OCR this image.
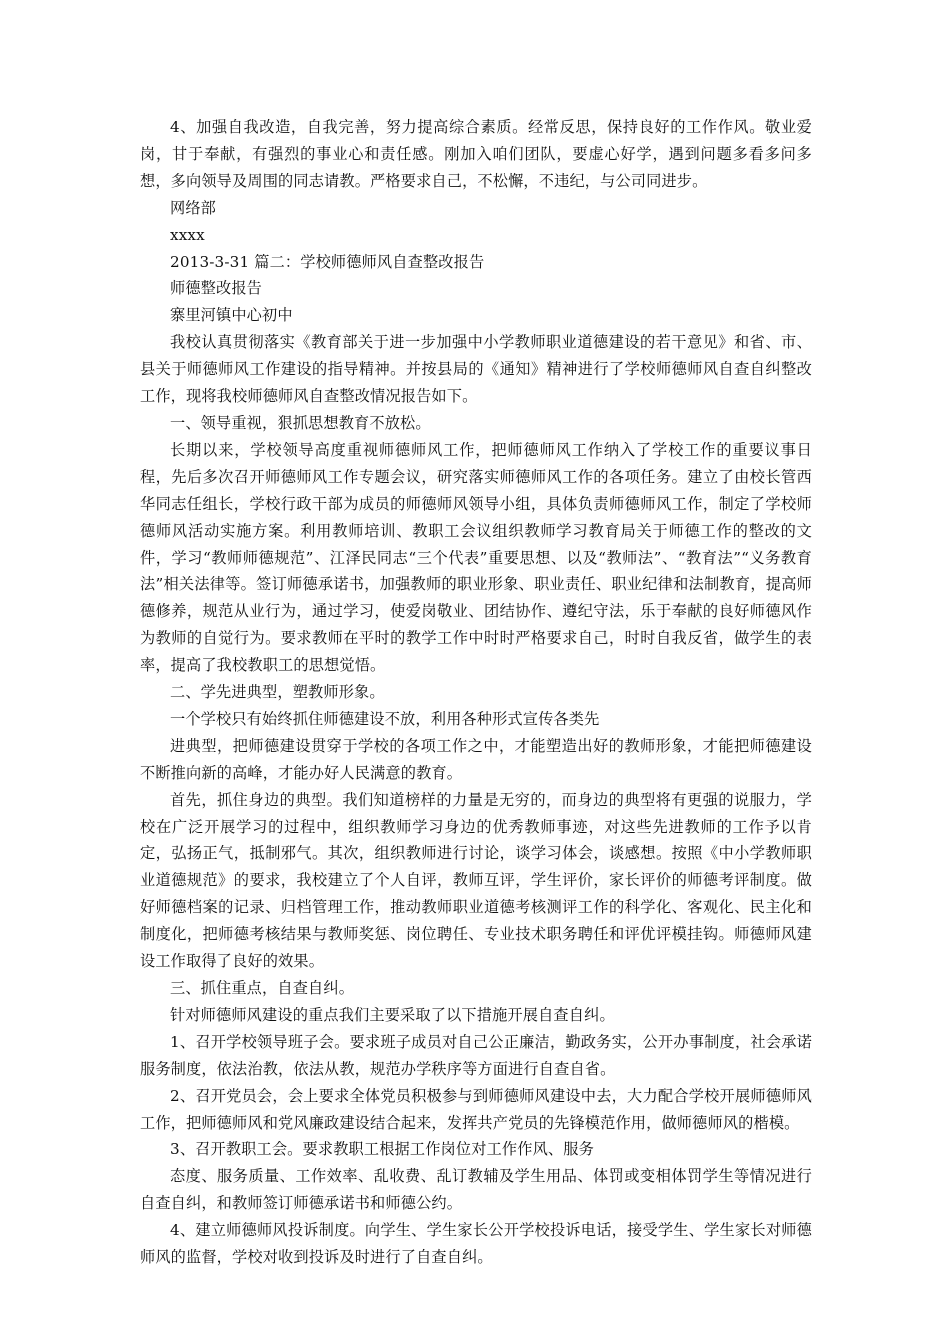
4、加强自我改造，自我完善，努力提高综合素质。经常反思，保持良好的工作作风。敬业爱岗，甘于奉献，有强烈的事业心和责任感。刚加入咱们团队，要虚心好学，遇到问题多看多问多想，多向领导及周围的同志请教。严格要求自己，不松懈，不违纪，与公司同进步。

网络部

xxxx

2013-3-31 篇二：学校师德师风自查整改报告

师德整改报告

寨里河镇中心初中

我校认真贯彻落实《教育部关于进一步加强中小学教师职业道德建设的若干意见》和省、市、县关于师德师风工作建设的指导精神。并按县局的《通知》精神进行了学校师德师风自查自纠整改工作，现将我校师德师风自查整改情况报告如下。

一、领导重视，狠抓思想教育不放松。

长期以来，学校领导高度重视师德师风工作，把师德师风工作纳入了学校工作的重要议事日程，先后多次召开师德师风工作专题会议，研究落实师德师风工作的各项任务。建立了由校长管西华同志任组长，学校行政干部为成员的师德师风领导小组，具体负责师德师风工作，制定了学校师德师风活动实施方案。利用教师培训、教职工会议组织教师学习教育局关于师德工作的整改的文件，学习“教师师德规范”、江泽民同志“三个代表”重要思想、以及“教师法”、“教育法”“义务教育法”相关法律等。签订师德承诺书，加强教师的职业形象、职业责任、职业纪律和法制教育，提高师德修养，规范从业行为，通过学习，使爱岗敬业、团结协作、遵纪守法，乐于奉献的良好师德风作为教师的自觉行为。要求教师在平时的教学工作中时时严格要求自己，时时自我反省，做学生的表率，提高了我校教职工的思想觉悟。

二、学先进典型，塑教师形象。

一个学校只有始终抓住师德建设不放，利用各种形式宣传各类先

进典型，把师德建设贯穿于学校的各项工作之中，才能塑造出好的教师形象，才能把师德建设不断推向新的高峰，才能办好人民满意的教育。

首先，抓住身边的典型。我们知道榜样的力量是无穷的，而身边的典型将有更强的说服力，学校在广泛开展学习的过程中，组织教师学习身边的优秀教师事迹，对这些先进教师的工作予以肯定，弘扬正气，抵制邪气。其次，组织教师进行讨论，谈学习体会，谈感想。按照《中小学教师职业道德规范》的要求，我校建立了个人自评，教师互评，学生评价，家长评价的师德考评制度。做好师德档案的记录、归档管理工作，推动教师职业道德考核测评工作的科学化、客观化、民主化和制度化，把师德考核结果与教师奖惩、岗位聘任、专业技术职务聘任和评优评模挂钩。师德师风建设工作取得了良好的效果。

三、抓住重点，自查自纠。

针对师德师风建设的重点我们主要采取了以下措施开展自查自纠。

1、召开学校领导班子会。要求班子成员对自己公正廉洁，勤政务实，公开办事制度，社会承诺服务制度，依法治教，依法从教，规范办学秩序等方面进行自查自省。

2、召开党员会，会上要求全体党员积极参与到师德师风建设中去，大力配合学校开展师德师风工作，把师德师风和党风廉政建设结合起来，发挥共产党员的先锋模范作用，做师德师风的楷模。

3、召开教职工会。要求教职工根据工作岗位对工作作风、服务

态度、服务质量、工作效率、乱收费、乱订教辅及学生用品、体罚或变相体罚学生等情况进行自查自纠，和教师签订师德承诺书和师德公约。

4、建立师德师风投诉制度。向学生、学生家长公开学校投诉电话，接受学生、学生家长对师德师风的监督，学校对收到投诉及时进行了自查自纠。
